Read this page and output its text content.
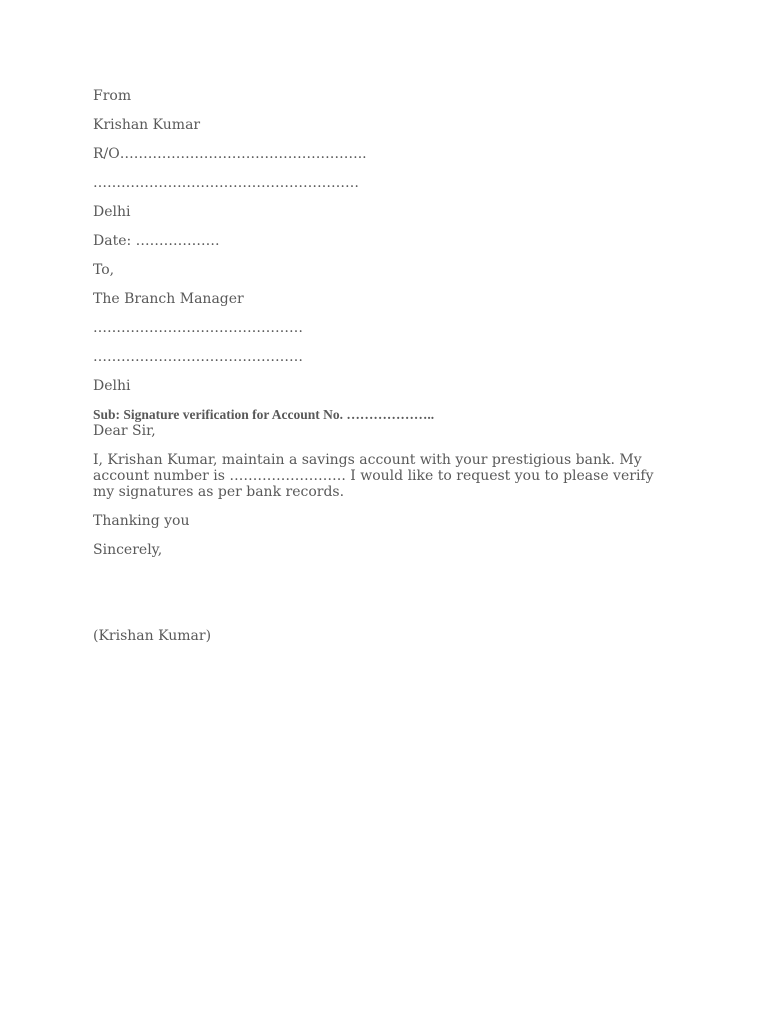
From

Krishan Kumar

R/O……………………………………………..

…………………………………………………

Delhi

Date: ………………

To,

The Branch Manager

………………………………………

………………………………………

Delhi

Sub: Signature verification for Account No. ………………..

Dear Sir,

I, Krishan Kumar, maintain a savings account with your prestigious bank. My account number is ……………………. I would like to request you to please verify my signatures as per bank records.

Thanking you

Sincerely,

(Krishan Kumar)
